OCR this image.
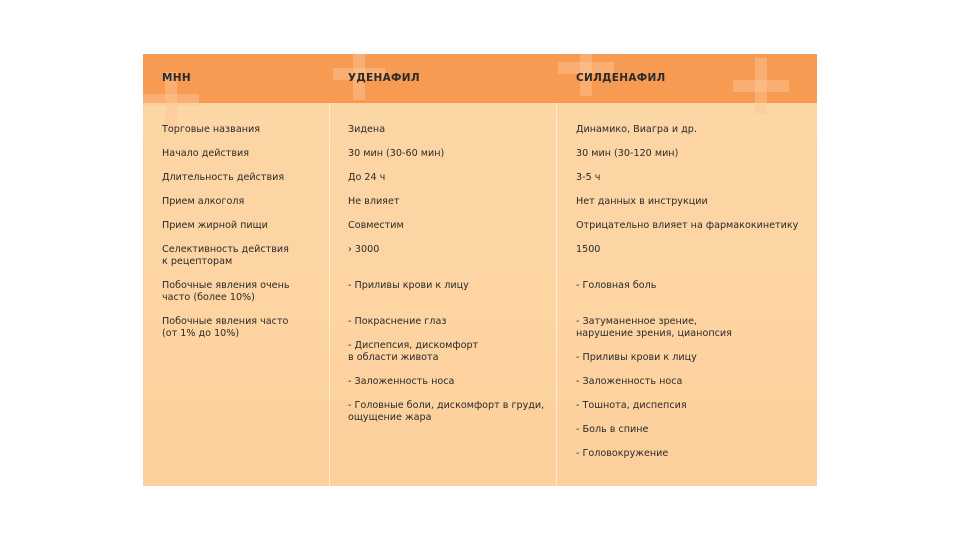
МНН	УДЕНАФИЛ	СИЛДЕНАФИЛ
Торговые названия
Начало действия
Длительность действия
Прием алкоголя
Прием жирной пищи
Селективность действия
к рецепторам
Побочные явления очень
часто (более 10%)
Побочные явления часто
(от 1% до 10%)
Зидена
30 мин (30-60 мин)
До 24 ч
Не влияет
Совместим
› 3000
- Приливы крови к лицу
- Покраснение глаз
- Диспепсия, дискомфорт
в области живота
- Заложенность носа
- Головные боли, дискомфорт в груди,
ощущение жара
Динамико, Виагра и др.
30 мин (30-120 мин)
3-5 ч
Нет данных в инструкции
Отрицательно влияет на фармакокинетику
1500
- Головная боль
- Затуманенное зрение,
нарушение зрения, цианопсия
- Приливы крови к лицу
- Заложенность носа
- Тошнота, диспепсия
- Боль в спине
- Головокружение
